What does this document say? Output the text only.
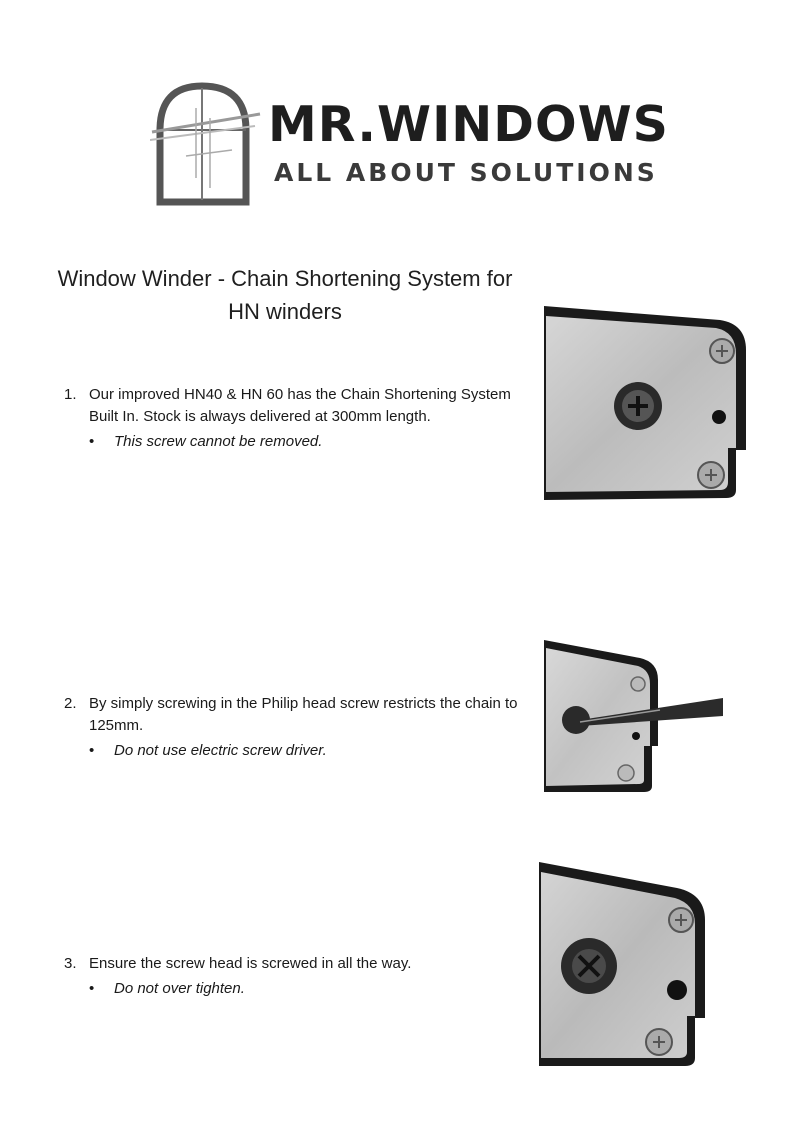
MR.WINDOWS
ALL ABOUT SOLUTIONS
Window Winder - Chain Shortening System for
HN winders
1. Our improved HN40 & HN 60 has the Chain Shortening System Built In. Stock is always delivered at 300mm length.
• This screw cannot be removed.
2. By simply screwing in the Philip head screw restricts the chain to 125mm.
• Do not use electric screw driver.
3. Ensure the screw head is screwed in all the way.
• Do not over tighten.
